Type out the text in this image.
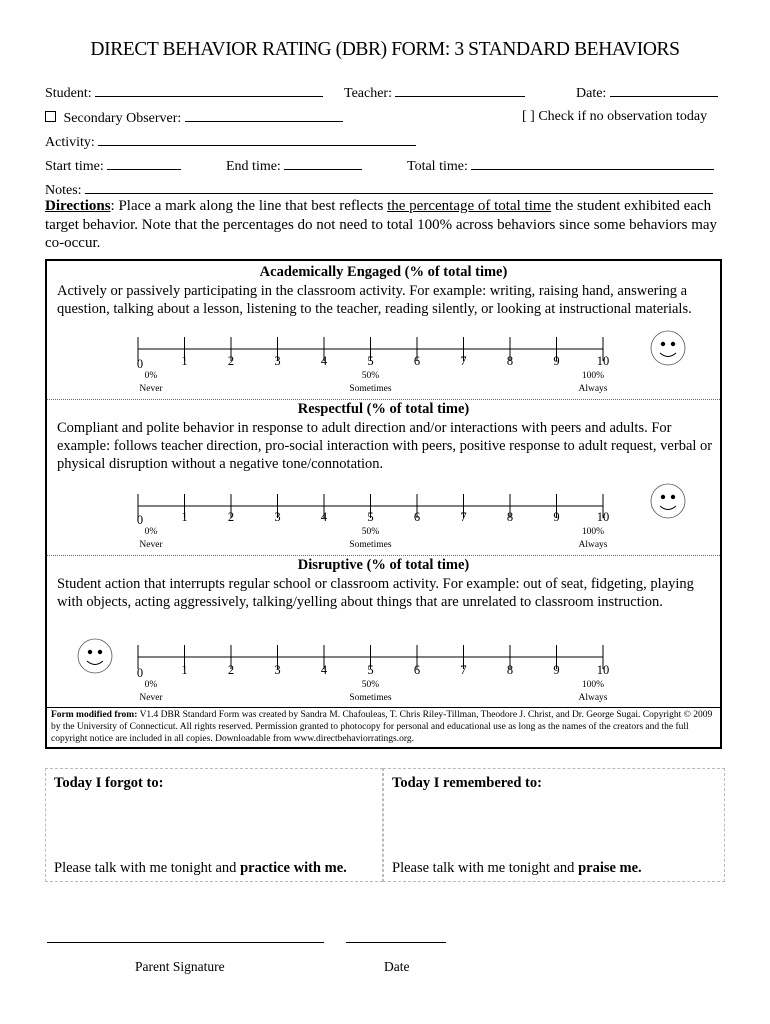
DIRECT BEHAVIOR RATING (DBR) FORM: 3 STANDARD BEHAVIORS
Student:	Teacher:	Date:
Secondary Observer:	[ ] Check if no observation today
Activity:
Start time:	End time:	Total time:
Notes:
Directions: Place a mark along the line that best reflects the percentage of total time the student exhibited each target behavior. Note that the percentages do not need to total 100% across behaviors since some behaviors may co-occur.
Academically Engaged (% of total time)
Actively or passively participating in the classroom activity. For example: writing, raising hand, answering a question, talking about a lesson, listening to the teacher, reading silently, or looking at instructional materials.
0	1	2	3	4	5	6	7	8	9	10
0%
Never
50%
Sometimes
100%
Always
Respectful (% of total time)
Compliant and polite behavior in response to adult direction and/or interactions with peers and adults. For example: follows teacher direction, pro-social interaction with peers, positive response to adult request, verbal or physical disruption without a negative tone/connotation.
0	1	2	3	4	5	6	7	8	9	10
0%
Never
50%
Sometimes
100%
Always
Disruptive (% of total time)
Student action that interrupts regular school or classroom activity. For example: out of seat, fidgeting, playing with objects, acting aggressively, talking/yelling about things that are unrelated to classroom instruction.
0	1	2	3	4	5	6	7	8	9	10
0%
Never
50%
Sometimes
100%
Always
Form modified from: V1.4 DBR Standard Form was created by Sandra M. Chafouleas, T. Chris Riley-Tillman, Theodore J. Christ, and Dr. George Sugai. Copyright © 2009 by the University of Connecticut. All rights reserved. Permission granted to photocopy for personal and educational use as long as the names of the creators and the full copyright notice are included in all copies. Downloadable from www.directbehaviorratings.org.
Today I forgot to:
Please talk with me tonight and practice with me.
Today I remembered to:
Please talk with me tonight and praise me.
Parent Signature	Date
